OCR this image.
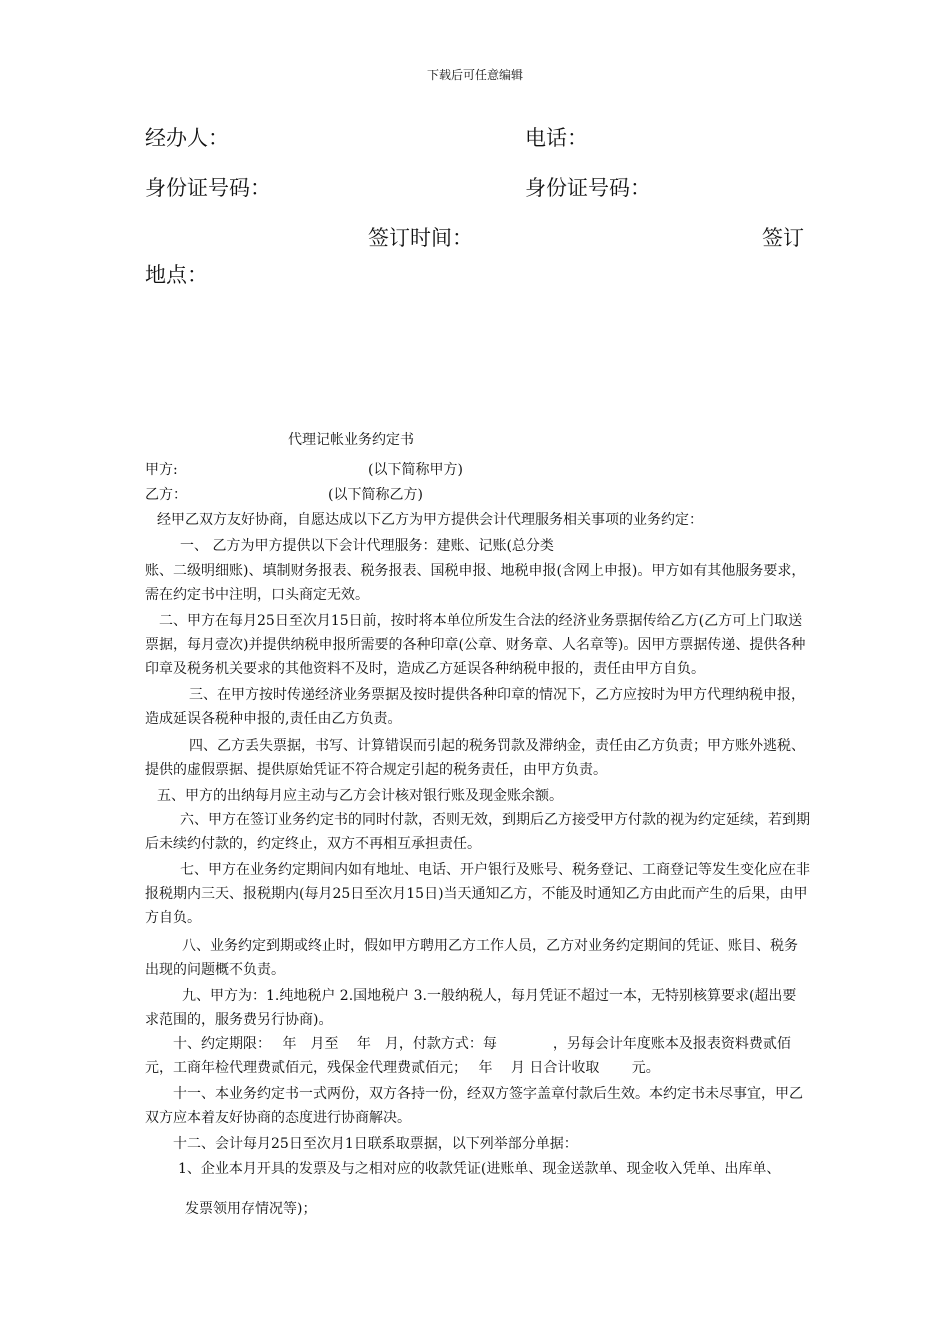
下载后可任意编辑
经办人：	电话：
身份证号码：	身份证号码：
签订时间：	签订
地点：
代理记帐业务约定书
甲方:	(以下简称甲方)
乙方：	(以下简称乙方)
经甲乙双方友好协商，自愿达成以下乙方为甲方提供会计代理服务相关事项的业务约定：
一、 乙方为甲方提供以下会计代理服务：建账、记账(总分类
账、二级明细账)、填制财务报表、税务报表、国税申报、地税申报(含网上申报)。甲方如有其他服务要求，需在约定书中注明，口头商定无效。
二、甲方在每月25日至次月15日前，按时将本单位所发生合法的经济业务票据传给乙方(乙方可上门取送票据，每月壹次)并提供纳税申报所需要的各种印章(公章、财务章、人名章等)。因甲方票据传递、提供各种印章及税务机关要求的其他资料不及时，造成乙方延误各种纳税申报的，责任由甲方自负。
三、在甲方按时传递经济业务票据及按时提供各种印章的情况下，乙方应按时为甲方代理纳税申报，造成延误各税种申报的,责任由乙方负责。
四、乙方丢失票据，书写、计算错误而引起的税务罚款及滞纳金，责任由乙方负责；甲方账外逃税、提供的虚假票据、提供原始凭证不符合规定引起的税务责任，由甲方负责。
五、甲方的出纳每月应主动与乙方会计核对银行账及现金账余额。
六、甲方在签订业务约定书的同时付款，否则无效，到期后乙方接受甲方付款的视为约定延续，若到期后未续约付款的，约定终止，双方不再相互承担责任。
七、甲方在业务约定期间内如有地址、电话、开户银行及账号、税务登记、工商登记等发生变化应在非报税期内三天、报税期内(每月25日至次月15日)当天通知乙方，不能及时通知乙方由此而产生的后果，由甲方自负。
八、业务约定到期或终止时，假如甲方聘用乙方工作人员，乙方对业务约定期间的凭证、账目、税务出现的问题概不负责。
九、甲方为：1.纯地税户 2.国地税户 3.一般纳税人，每月凭证不超过一本，无特别核算要求(超出要求范围的，服务费另行协商)。
十、约定期限：　 年　月至　 年　月，付款方式：每　　　　，另每会计年度账本及报表资料费贰佰元，工商年检代理费贰佰元，残保金代理费贰佰元；　 年　 月 日合计收取　　 元。
十一、本业务约定书一式两份，双方各持一份，经双方签字盖章付款后生效。本约定书未尽事宜，甲乙双方应本着友好协商的态度进行协商解决。
十二、会计每月25日至次月1日联系取票据，以下列举部分单据：
1、企业本月开具的发票及与之相对应的收款凭证(进账单、现金送款单、现金收入凭单、出库单、
发票领用存情况等)；
